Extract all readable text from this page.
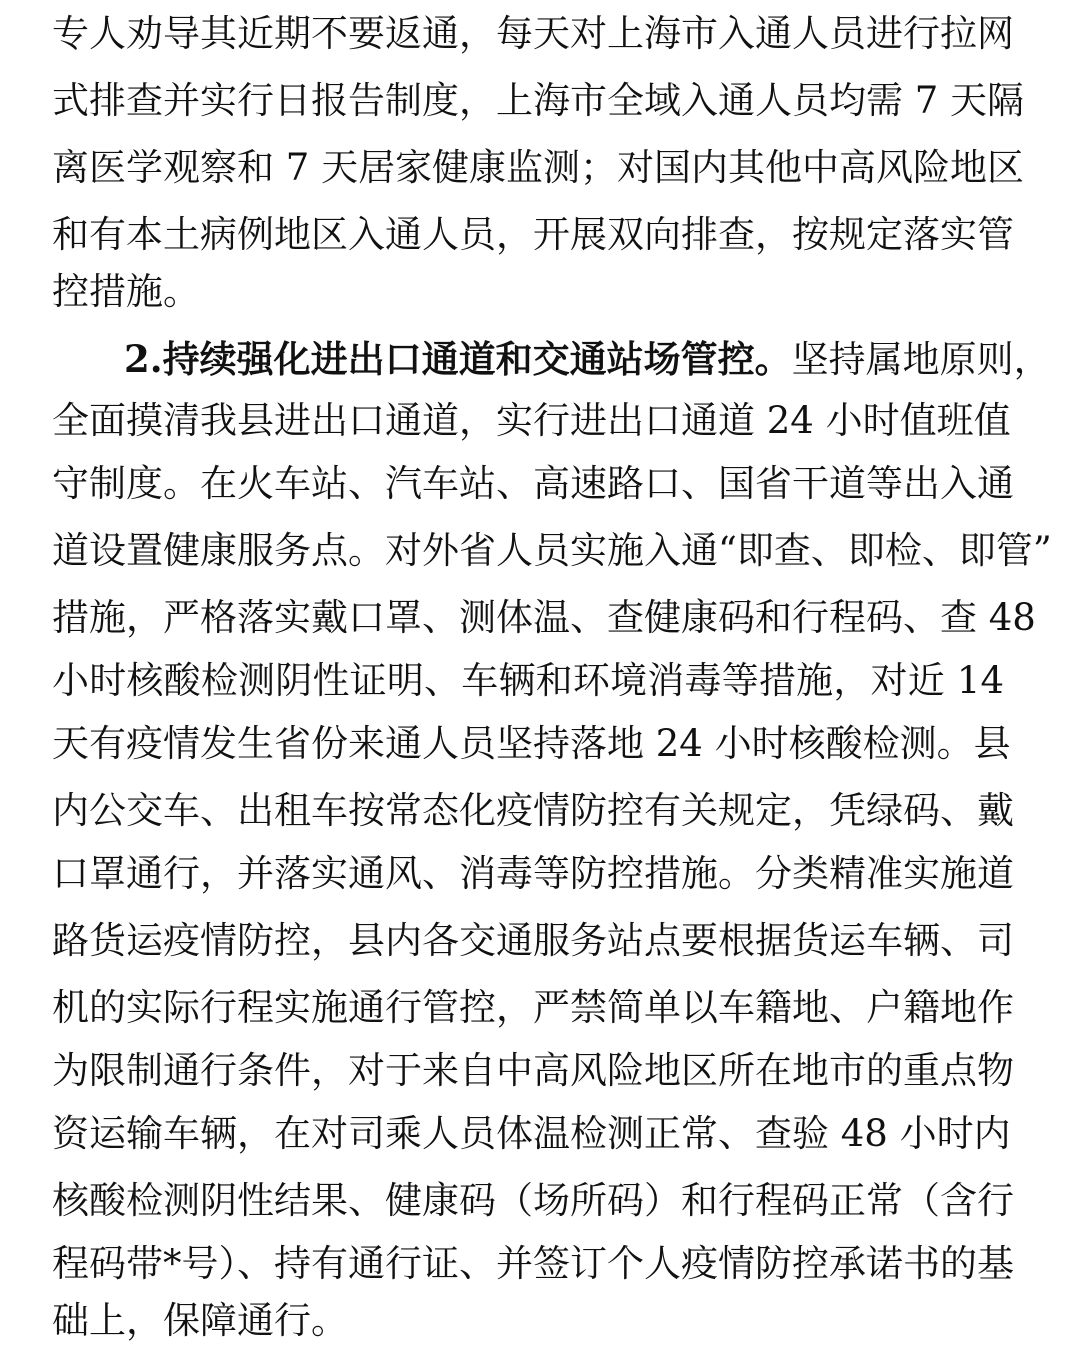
专人劝导其近期不要返通，每天对上海市入通人员进行拉网
式排查并实行日报告制度，上海市全域入通人员均需 7 天隔
离医学观察和 7 天居家健康监测；对国内其他中高风险地区
和有本土病例地区入通人员，开展双向排查，按规定落实管
控措施。
2.持续强化进出口通道和交通站场管控。坚持属地原则，
全面摸清我县进出口通道，实行进出口通道 24 小时值班值
守制度。在火车站、汽车站、高速路口、国省干道等出入通
道设置健康服务点。对外省人员实施入通“即查、即检、即管”
措施，严格落实戴口罩、测体温、查健康码和行程码、查 48
小时核酸检测阴性证明、车辆和环境消毒等措施，对近 14
天有疫情发生省份来通人员坚持落地 24 小时核酸检测。县
内公交车、出租车按常态化疫情防控有关规定，凭绿码、戴
口罩通行，并落实通风、消毒等防控措施。分类精准实施道
路货运疫情防控，县内各交通服务站点要根据货运车辆、司
机的实际行程实施通行管控，严禁简单以车籍地、户籍地作
为限制通行条件，对于来自中高风险地区所在地市的重点物
资运输车辆，在对司乘人员体温检测正常、查验 48 小时内
核酸检测阴性结果、健康码（场所码）和行程码正常（含行
程码带*号）、持有通行证、并签订个人疫情防控承诺书的基
础上，保障通行。
